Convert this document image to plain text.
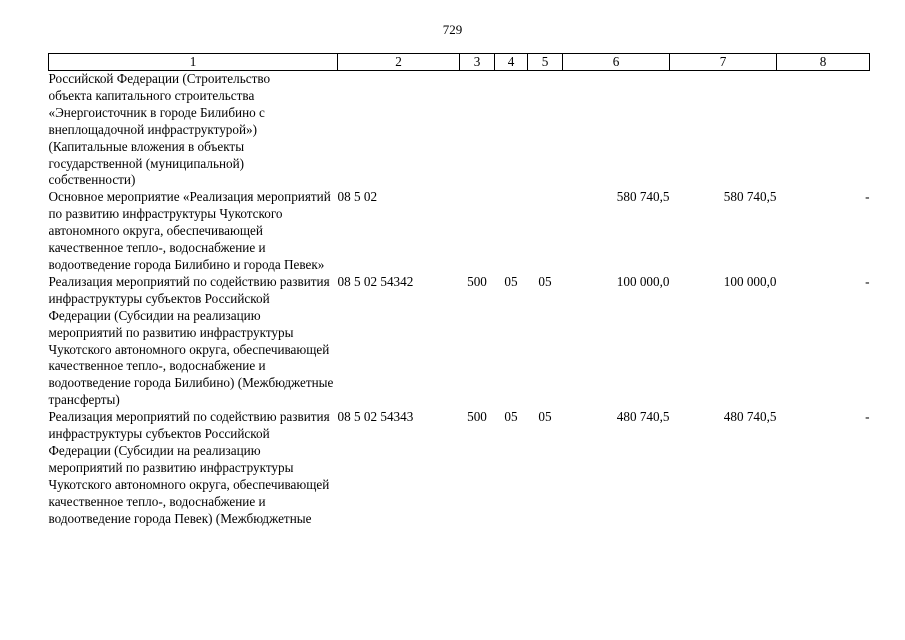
729
1	2	3	4	5	6	7	8

Российской Федерации (Строительство объекта капитального строительства «Энергоисточник в городе Билибино с внеплощадочной инфраструктурой») (Капитальные вложения в объекты государственной (муниципальной) собственности)							

Основное мероприятие «Реализация мероприятий по развитию инфраструктуры Чукотского автономного округа, обеспечивающей качественное тепло-, водоснабжение и водоотведение города Билибино и города Певек»	08 5 02				580 740,5	580 740,5	-

Реализация мероприятий по содействию развития инфраструктуры субъектов Российской Федерации (Субсидии на реализацию мероприятий по развитию инфраструктуры Чукотского автономного округа, обеспечивающей качественное тепло-, водоснабжение и водоотведение города Билибино) (Межбюджетные трансферты)	08 5 02 54342	500	05	05	100 000,0	100 000,0	-

Реализация мероприятий по содействию развития инфраструктуры субъектов Российской Федерации (Субсидии на реализацию мероприятий по развитию инфраструктуры Чукотского автономного округа, обеспечивающей качественное тепло-, водоснабжение и водоотведение города Певек) (Межбюджетные	08 5 02 54343	500	05	05	480 740,5	480 740,5	-
